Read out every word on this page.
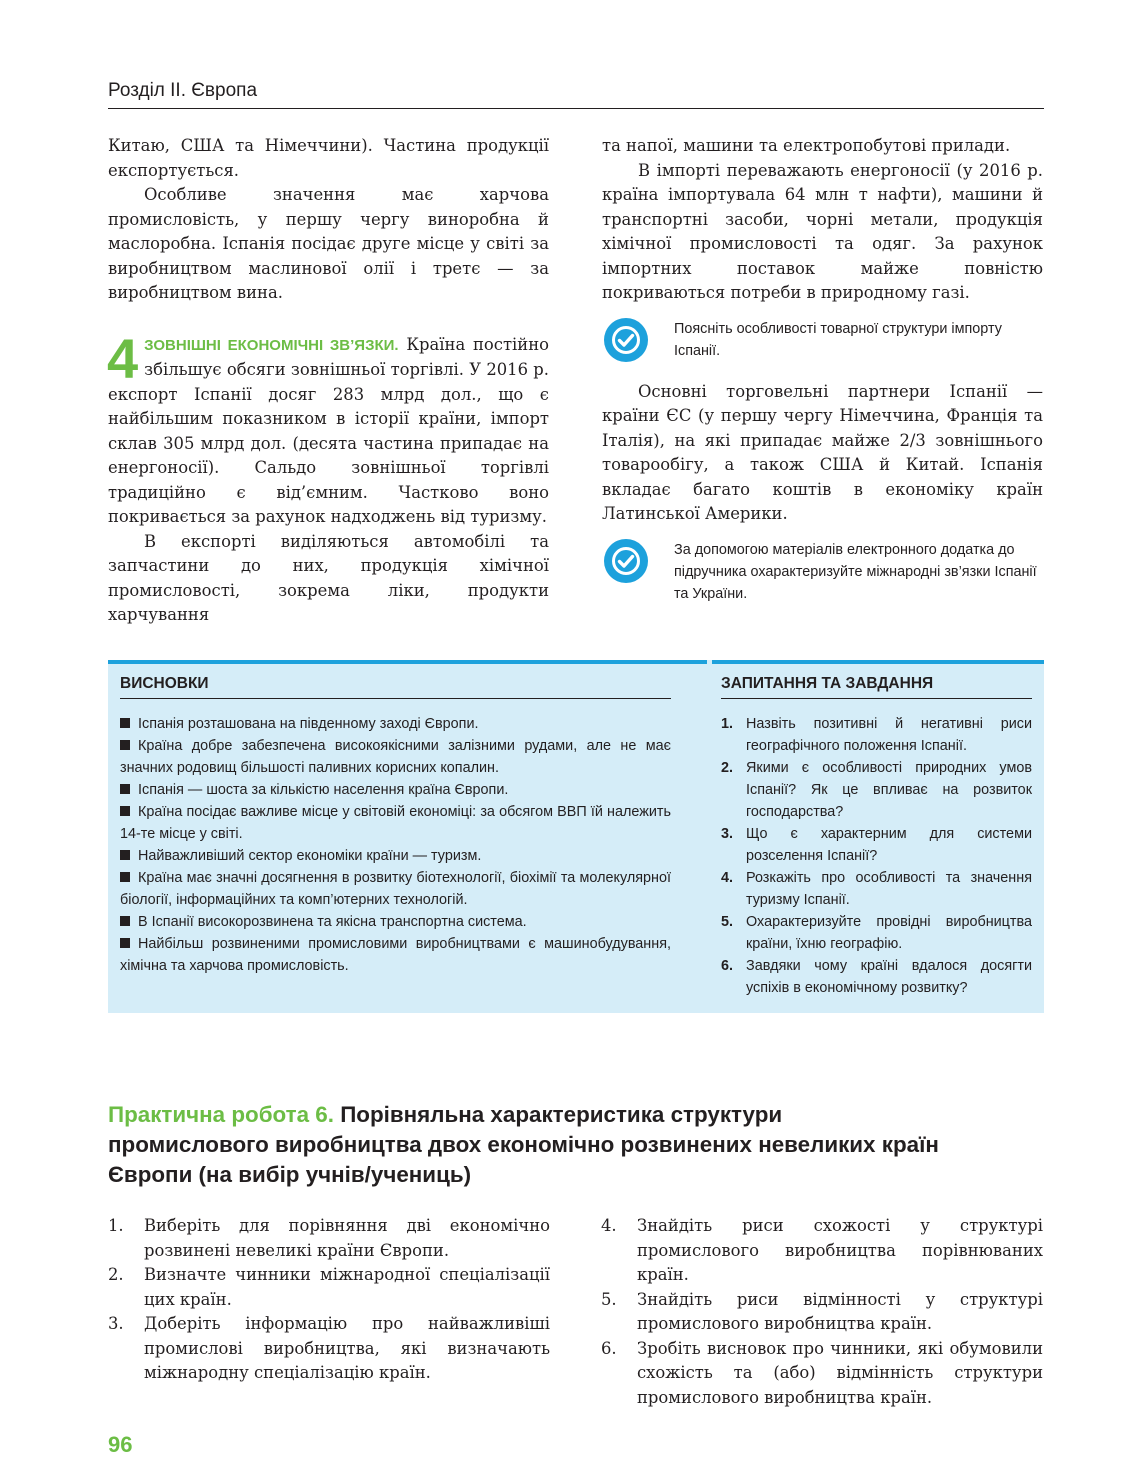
Розділ ІІ. Європа

Китаю, США та Німеччини). Частина продукції експортується.

Особливе значення має харчова промисловість, у першу чергу виноробна й маслоробна. Іспанія посідає друге місце у світі за виробництвом маслинової олії і третє — за виробництвом вина.

4 ЗОВНІШНІ ЕКОНОМІЧНІ ЗВ’ЯЗКИ. Країна постійно збільшує обсяги зовнішньої торгівлі. У 2016 р. експорт Іспанії досяг 283 млрд дол., що є найбільшим показником в історії країни, імпорт склав 305 млрд дол. (десята частина припадає на енергоносії). Сальдо зовнішньої торгівлі традиційно є від’ємним. Частково воно покривається за рахунок надходжень від туризму.

В експорті виділяються автомобілі та запчастини до них, продукція хімічної промисловості, зокрема ліки, продукти харчування

та напої, машини та електропобутові прилади.

В імпорті переважають енергоносії (у 2016 р. країна імпортувала 64 млн т нафти), машини й транспортні засоби, чорні метали, продукція хімічної промисловості та одяг. За рахунок імпортних поставок майже повністю покриваються потреби в природному газі.

Поясніть особливості товарної структури імпорту Іспанії.

Основні торговельні партнери Іспанії — країни ЄС (у першу чергу Німеччина, Франція та Італія), на які припадає майже 2/3 зовнішнього товарообігу, а також США й Китай. Іспанія вкладає багато коштів в економіку країн Латинської Америки.

За допомогою матеріалів електронного додатка до підручника охарактеризуйте міжнародні зв’язки Іспанії та України.
ВИСНОВКИ
Іспанія розташована на південному заході Європи.
Країна добре забезпечена високоякісними залізними рудами, але не має значних родовищ більшості паливних корисних копалин.
Іспанія — шоста за кількістю населення країна Європи.
Країна посідає важливе місце у світовій економіці: за обсягом ВВП їй належить 14-те місце у світі.
Найважливіший сектор економіки країни — туризм.
Країна має значні досягнення в розвитку біотехнології, біохімії та молекулярної біології, інформаційних та комп’ютерних технологій.
В Іспанії високорозвинена та якісна транспортна система.
Найбільш розвиненими промисловими виробництвами є машинобудування, хімічна та харчова промисловість.
ЗАПИТАННЯ ТА ЗАВДАННЯ
1. Назвіть позитивні й негативні риси географічного положення Іспанії.
2. Якими є особливості природних умов Іспанії? Як це впливає на розвиток господарства?
3. Що є характерним для системи розселення Іспанії?
4. Розкажіть про особливості та значення туризму Іспанії.
5. Охарактеризуйте провідні виробництва країни, їхню географію.
6. Завдяки чому країні вдалося досягти успіхів в економічному розвитку?
Практична робота 6. Порівняльна характеристика структури промислового виробництва двох економічно розвинених невеликих країн Європи (на вибір учнів/учениць)
1.	Виберіть для порівняння дві економічно розвинені невеликі країни Європи.
2.	Визначте чинники міжнародної спеціалізації цих країн.
3.	Доберіть інформацію про найважливіші промислові виробництва, які визначають міжнародну спеціалізацію країн.
4.	Знайдіть риси схожості у структурі промислового виробництва порівнюваних країн.
5.	Знайдіть риси відмінності у структурі промислового виробництва країн.
6.	Зробіть висновок про чинники, які обумовили схожість та (або) відмінність структури промислового виробництва країн.
96
